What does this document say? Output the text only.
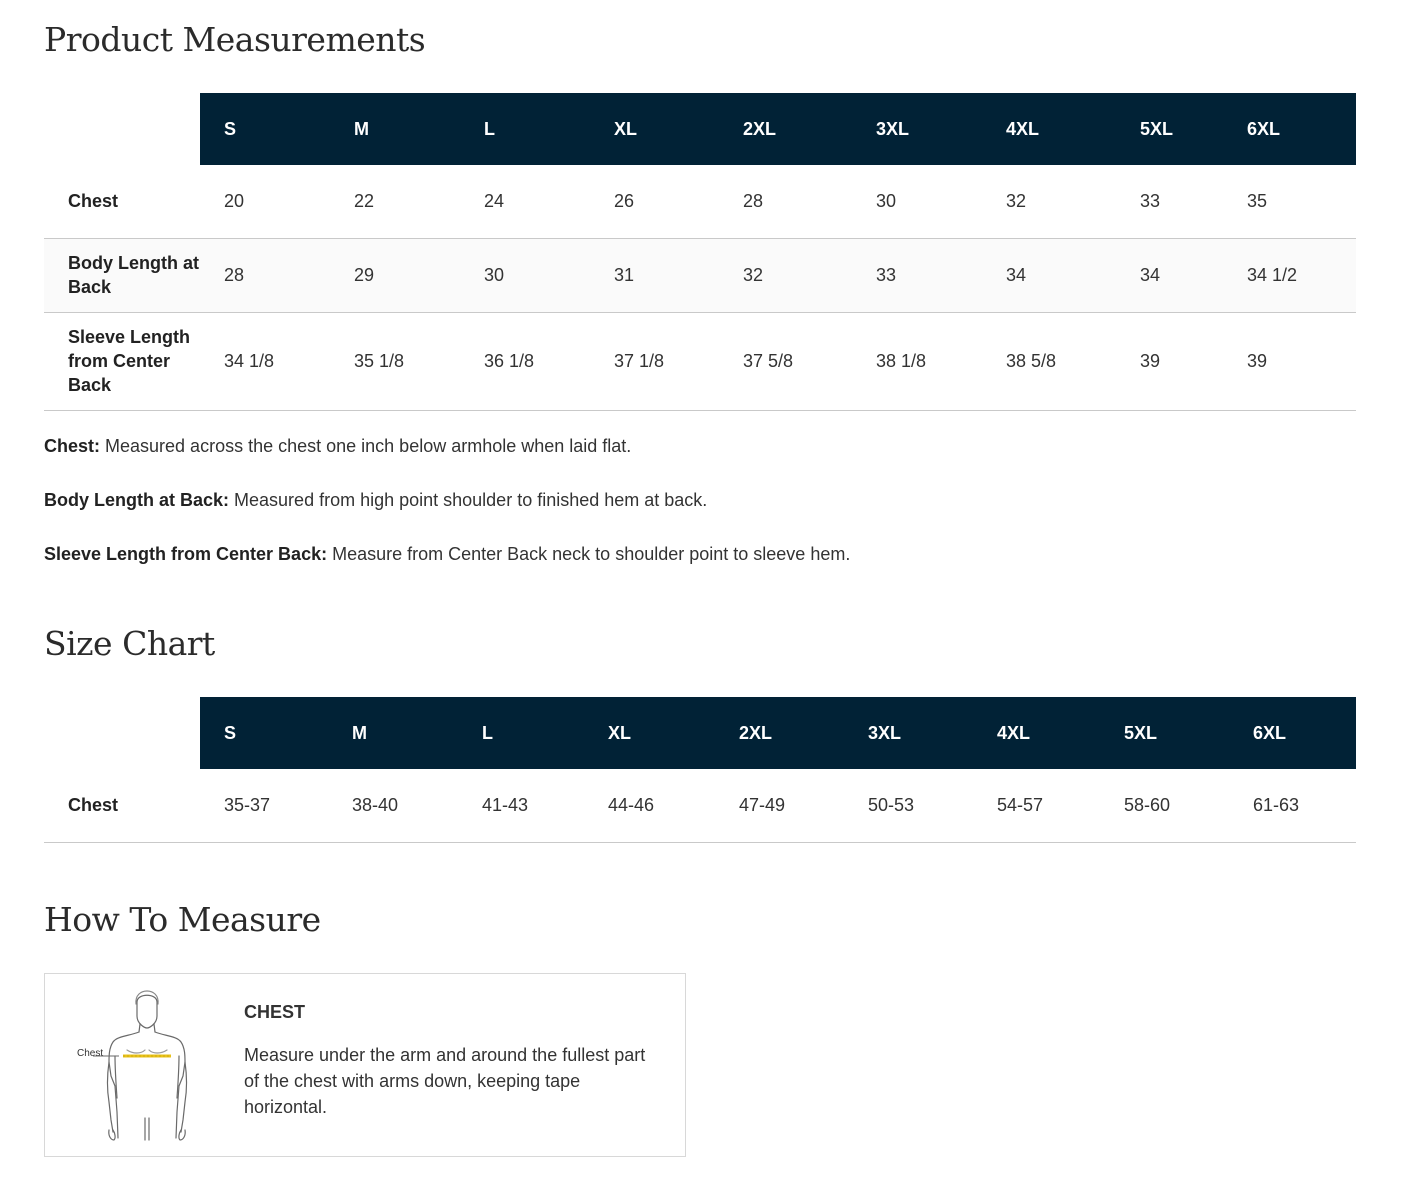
Product Measurements
	S	M	L	XL	2XL	3XL	4XL	5XL	6XL
Chest	20	22	24	26	28	30	32	33	35
Body Length at Back	28	29	30	31	32	33	34	34	34 1/2
Sleeve Length from Center Back	34 1/8	35 1/8	36 1/8	37 1/8	37 5/8	38 1/8	38 5/8	39	39

Chest: Measured across the chest one inch below armhole when laid flat.

Body Length at Back: Measured from high point shoulder to finished hem at back.

Sleeve Length from Center Back: Measure from Center Back neck to shoulder point to sleeve hem.

Size Chart
	S	M	L	XL	2XL	3XL	4XL	5XL	6XL
Chest	35-37	38-40	41-43	44-46	47-49	50-53	54-57	58-60	61-63
How To Measure
Chest
CHEST
Measure under the arm and around the fullest part of the chest with arms down, keeping tape horizontal.
